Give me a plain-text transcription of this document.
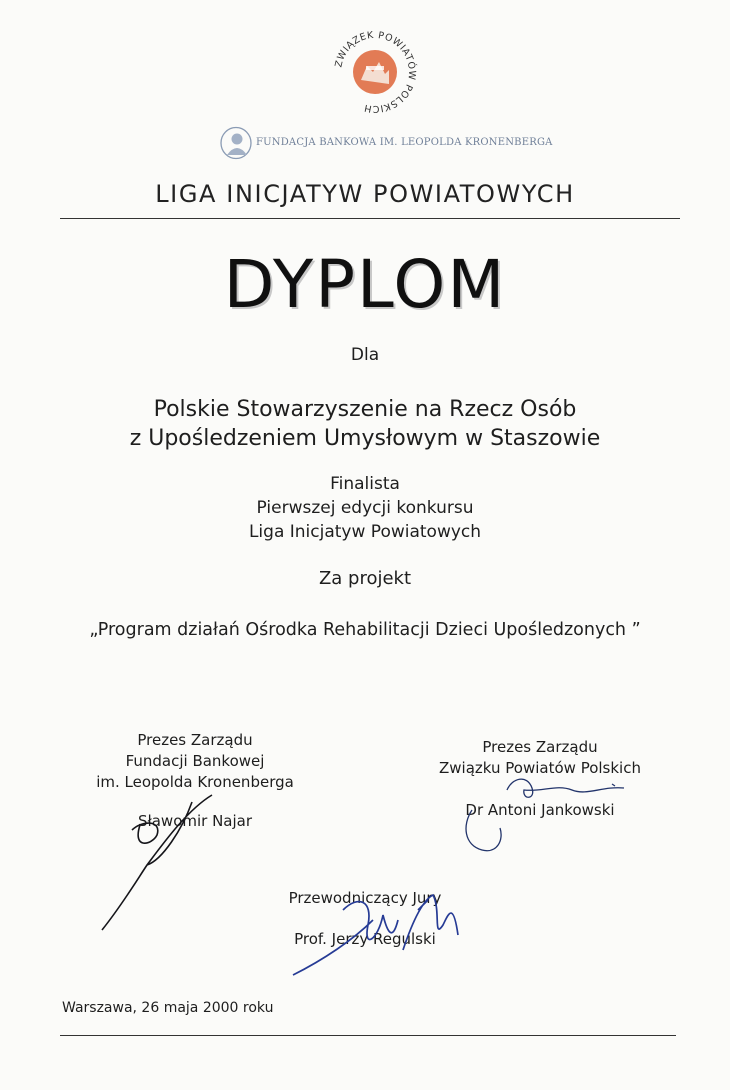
ZWIĄZEK POWIATÓW POLSKICH
FUNDACJA BANKOWA IM. LEOPOLDA KRONENBERGA
LIGA INICJATYW POWIATOWYCH
DYPLOM
Dla
Polskie Stowarzyszenie na Rzecz Osób
z Upośledzeniem Umysłowym w Staszowie
Finalista
Pierwszej edycji konkursu
Liga Inicjatyw Powiatowych
Za projekt
„Program działań Ośrodka Rehabilitacji Dzieci Upośledzonych ”
Prezes Zarządu
Fundacji Bankowej
im. Leopolda Kronenberga
Sławomir Najar
Prezes Zarządu
Związku Powiatów Polskich
Dr Antoni Jankowski
Przewodniczący Jury
Prof. Jerzy Regulski
Warszawa, 26 maja 2000 roku
